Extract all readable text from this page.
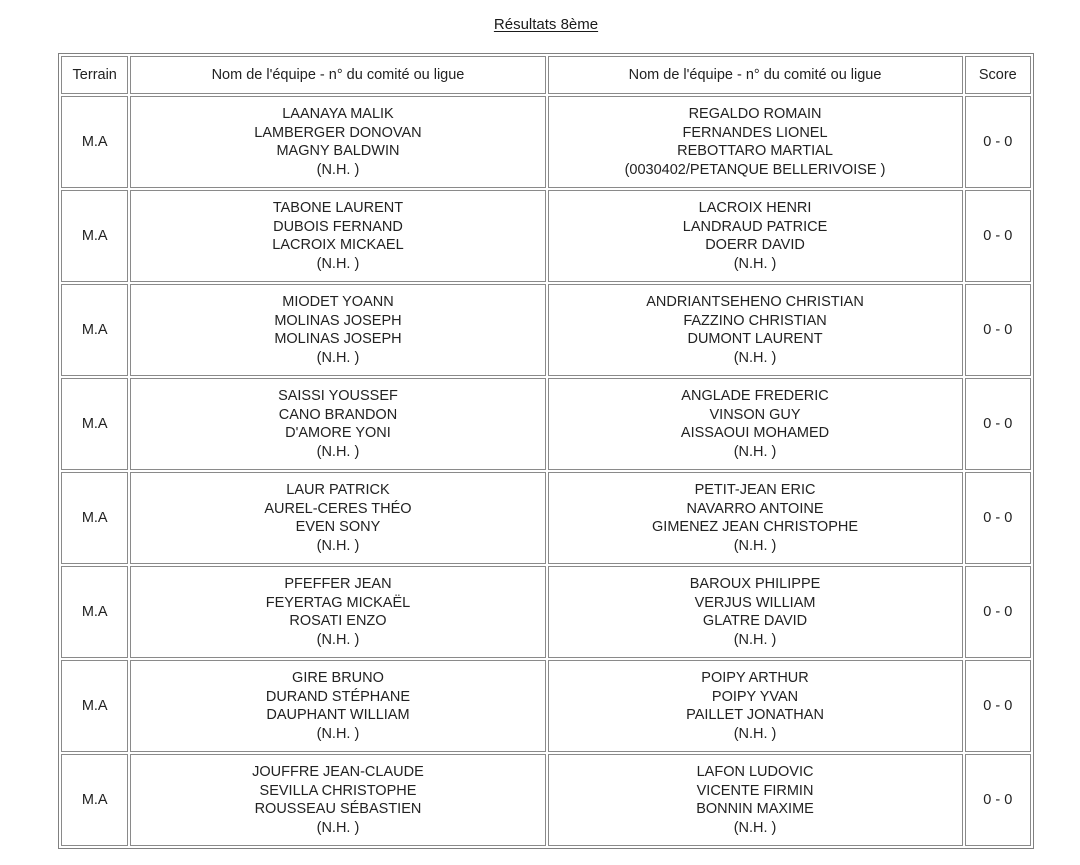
Résultats 8ème
Terrain	Nom de l'équipe - n° du comité ou ligue	Nom de l'équipe - n° du comité ou ligue	Score
M.A	LAANAYA MALIK
LAMBERGER DONOVAN
MAGNY BALDWIN
(N.H. )	REGALDO ROMAIN
FERNANDES LIONEL
REBOTTARO MARTIAL
(0030402/PETANQUE BELLERIVOISE )	0 - 0
M.A	TABONE LAURENT
DUBOIS FERNAND
LACROIX MICKAEL
(N.H. )	LACROIX HENRI
LANDRAUD PATRICE
DOERR DAVID
(N.H. )	0 - 0
M.A	MIODET YOANN
MOLINAS JOSEPH
MOLINAS JOSEPH
(N.H. )	ANDRIANTSEHENO CHRISTIAN
FAZZINO CHRISTIAN
DUMONT LAURENT
(N.H. )	0 - 0
M.A	SAISSI YOUSSEF
CANO BRANDON
D'AMORE YONI
(N.H. )	ANGLADE FREDERIC
VINSON GUY
AISSAOUI MOHAMED
(N.H. )	0 - 0
M.A	LAUR PATRICK
AUREL-CERES THÉO
EVEN SONY
(N.H. )	PETIT-JEAN ERIC
NAVARRO ANTOINE
GIMENEZ JEAN CHRISTOPHE
(N.H. )	0 - 0
M.A	PFEFFER JEAN
FEYERTAG MICKAËL
ROSATI ENZO
(N.H. )	BAROUX PHILIPPE
VERJUS WILLIAM
GLATRE DAVID
(N.H. )	0 - 0
M.A	GIRE BRUNO
DURAND STÉPHANE
DAUPHANT WILLIAM
(N.H. )	POIPY ARTHUR
POIPY YVAN
PAILLET JONATHAN
(N.H. )	0 - 0
M.A	JOUFFRE JEAN-CLAUDE
SEVILLA CHRISTOPHE
ROUSSEAU SÉBASTIEN
(N.H. )	LAFON LUDOVIC
VICENTE FIRMIN
BONNIN MAXIME
(N.H. )	0 - 0
